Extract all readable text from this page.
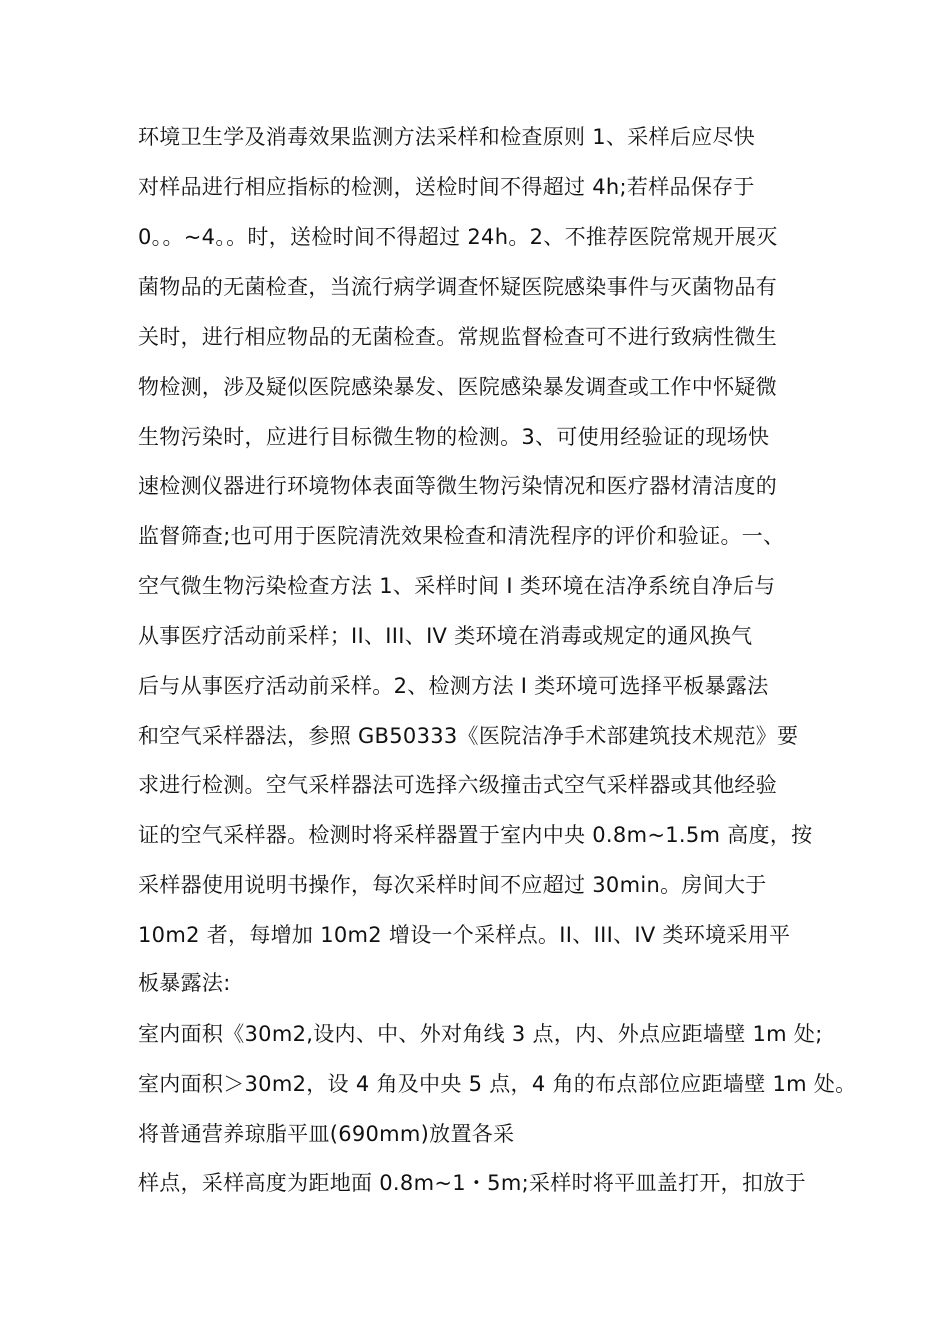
环境卫生学及消毒效果监测方法采样和检查原则 1、采样后应尽快
对样品进行相应指标的检测，送检时间不得超过 4h;若样品保存于
0。。~4。。时，送检时间不得超过 24h。2、不推荐医院常规开展灭
菌物品的无菌检查，当流行病学调查怀疑医院感染事件与灭菌物品有
关时，进行相应物品的无菌检查。常规监督检查可不进行致病性微生
物检测，涉及疑似医院感染暴发、医院感染暴发调查或工作中怀疑微
生物污染时，应进行目标微生物的检测。3、可使用经验证的现场快
速检测仪器进行环境物体表面等微生物污染情况和医疗器材清洁度的
监督筛查;也可用于医院清洗效果检查和清洗程序的评价和验证。一、
空气微生物污染检查方法 1、采样时间 I 类环境在洁净系统自净后与
从事医疗活动前采样；II、III、IV 类环境在消毒或规定的通风换气
后与从事医疗活动前采样。2、检测方法 I 类环境可选择平板暴露法
和空气采样器法，参照 GB50333《医院洁净手术部建筑技术规范》要
求进行检测。空气采样器法可选择六级撞击式空气采样器或其他经验
证的空气采样器。检测时将采样器置于室内中央 0.8m~1.5m 高度，按
采样器使用说明书操作，每次采样时间不应超过 30min。房间大于
10m2 者，每增加 10m2 增设一个采样点。II、III、IV 类环境采用平
板暴露法:
室内面积《30m2,设内、中、外对角线 3 点，内、外点应距墙壁 1m 处;
室内面积＞30m2，设 4 角及中央 5 点，4 角的布点部位应距墙壁 1m 处。
将普通营养琼脂平皿(690mm)放置各采
样点，采样高度为距地面 0.8m~1・5m;采样时将平皿盖打开，扣放于
